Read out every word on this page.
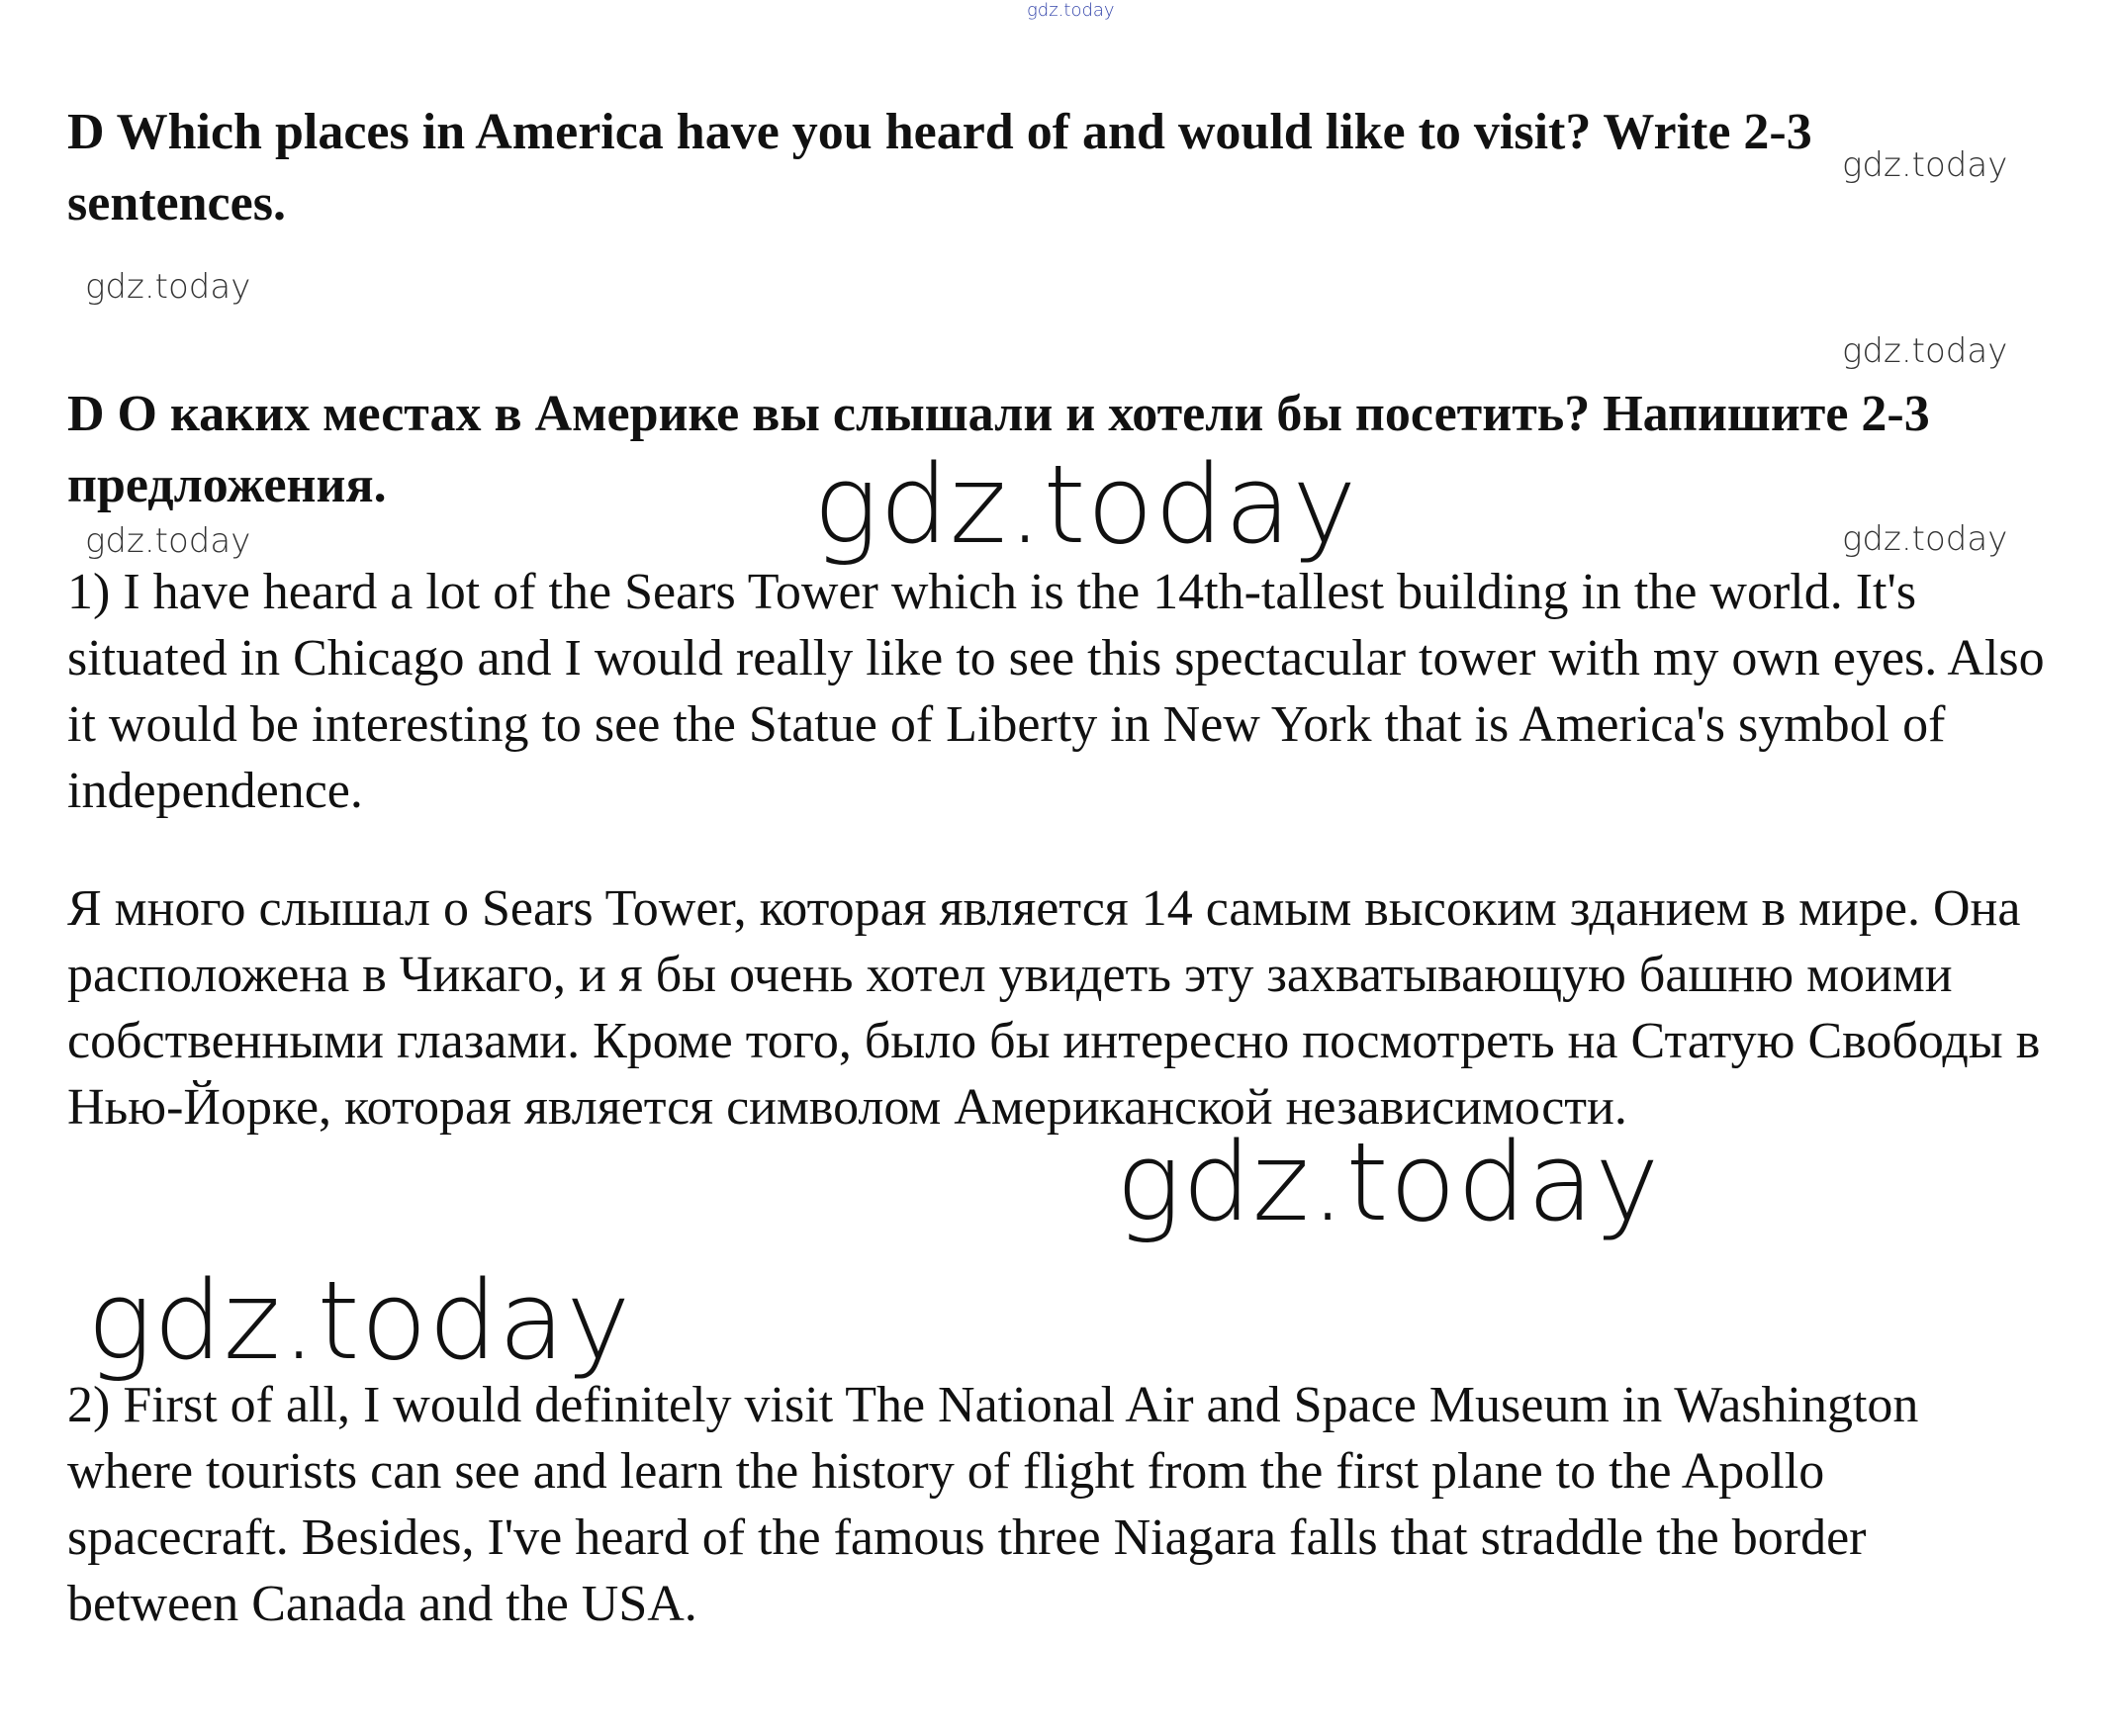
D Which places in America have you heard of and would like to visit? Write 2-3 sentences.
D О каких местах в Америке вы слышали и хотели бы посетить? Напишите 2-3 предложения.

1) I have heard a lot of the Sears Tower which is the 14th-tallest building in the world. It's situated in Chicago and I would really like to see this spectacular tower with my own eyes. Also it would be interesting to see the Statue of Liberty in New York that is America's symbol of independence.

Я много слышал о Sears Tower, которая является 14 самым высоким зданием в мире. Она расположена в Чикаго, и я бы очень хотел увидеть эту захватывающую башню моими собственными глазами. Кроме того, было бы интересно посмотреть на Статую Свободы в Нью-Йорке, которая является символом Американской независимости.

2) First of all, I would definitely visit The National Air and Space Museum in Washington where tourists can see and learn the history of flight from the first plane to the Apollo spacecraft. Besides, I've heard of the famous three Niagara falls that straddle the border between Canada and the USA.

gdz.today
gdz.today
gdz.today
gdz.today
gdz.today	gdz.today
gdz.today
gdz.today
gdz.today
